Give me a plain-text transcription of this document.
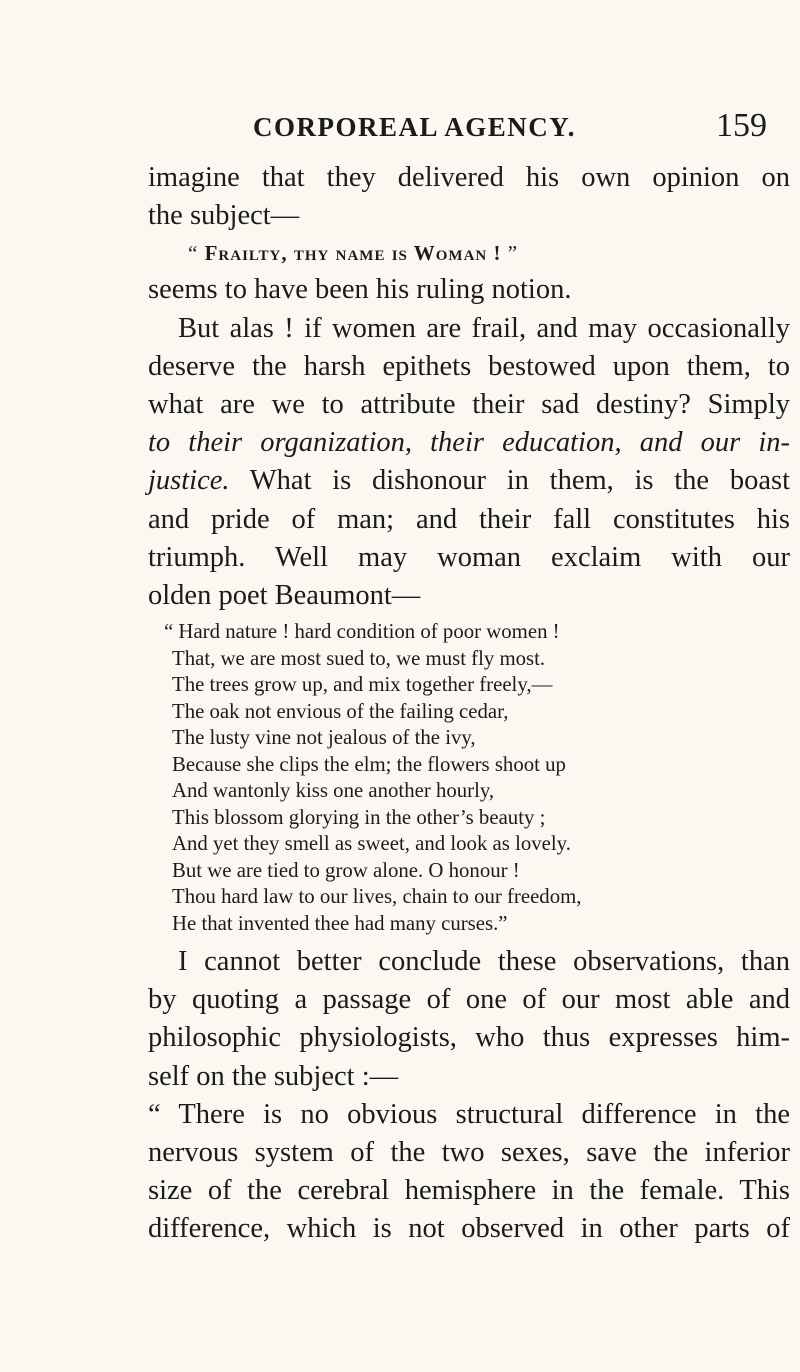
CORPOREAL AGENCY.	159
imagine that they delivered his own opinion on
the subject—
“ Frailty, thy name is Woman ! ”
seems to have been his ruling notion.
But alas ! if women are frail, and may occasionally
deserve the harsh epithets bestowed upon them, to
what are we to attribute their sad destiny? Simply
to their organization, their education, and our in-
justice. What is dishonour in them, is the boast
and pride of man; and their fall constitutes his
triumph. Well may woman exclaim with our
olden poet Beaumont—
“ Hard nature ! hard condition of poor women !
That, we are most sued to, we must fly most.
The trees grow up, and mix together freely,—
The oak not envious of the failing cedar,
The lusty vine not jealous of the ivy,
Because she clips the elm; the flowers shoot up
And wantonly kiss one another hourly,
This blossom glorying in the other’s beauty ;
And yet they smell as sweet, and look as lovely.
But we are tied to grow alone. O honour !
Thou hard law to our lives, chain to our freedom,
He that invented thee had many curses.”
I cannot better conclude these observations, than
by quoting a passage of one of our most able and
philosophic physiologists, who thus expresses him-
self on the subject :—
“ There is no obvious structural difference in the
nervous system of the two sexes, save the inferior
size of the cerebral hemisphere in the female. This
difference, which is not observed in other parts of
